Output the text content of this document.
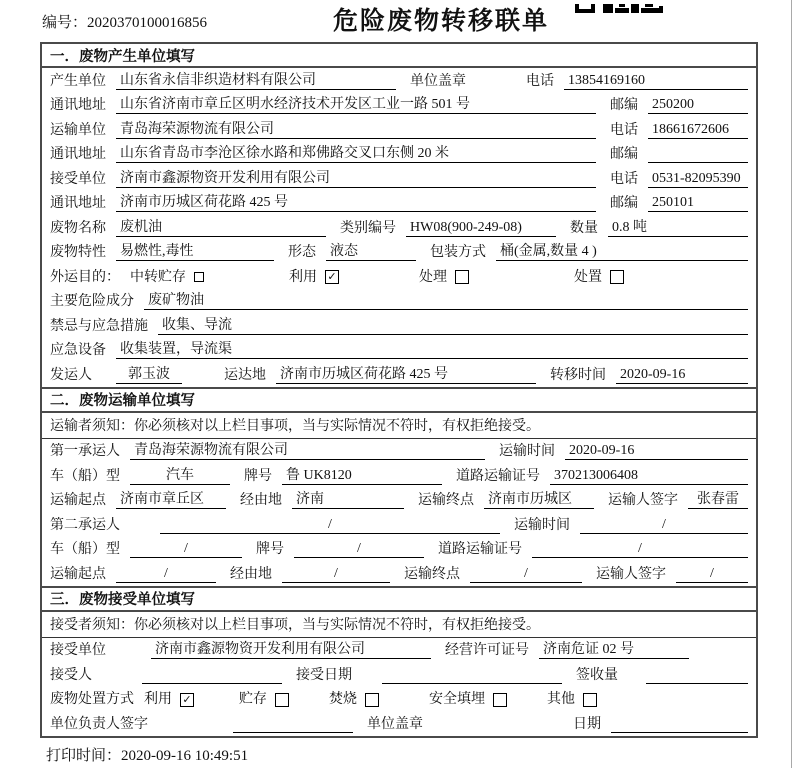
编号：2020370100016856	危险废物转移联单
一．废物产生单位填写
产生单位 山东省永信非织造材料有限公司	单位盖章	电话 13854169160
通讯地址 山东省济南市章丘区明水经济技术开发区工业一路 501 号	邮编 250200
运输单位 青岛海荣源物流有限公司	电话 18661672606
通讯地址 山东省青岛市李沧区徐水路和郑佛路交叉口东侧 20 米	邮编
接受单位 济南市鑫源物资开发利用有限公司	电话 0531-82095390
通讯地址 济南市历城区荷花路 425 号	邮编 250101
废物名称 废机油	类别编号 HW08(900-249-08)	数量 0.8 吨
废物特性 易燃性,毒性	形态 液态	包装方式 桶(金属,数量 4 )
外运目的： 中转贮存	利用 ✓	处理	处置
主要危险成分 废矿物油
禁忌与应急措施 收集、导流
应急设备 收集装置，导流渠
发运人	郭玉波	运达地 济南市历城区荷花路 425 号	转移时间 2020-09-16
二．废物运输单位填写
运输者须知：你必须核对以上栏目事项，当与实际情况不符时，有权拒绝接受。
第一承运人 青岛海荣源物流有限公司	运输时间 2020-09-16
车（船）型	汽车	牌号 鲁 UK8120	道路运输证号 370213006408
运输起点 济南市章丘区	经由地 济南	运输终点 济南市历城区	运输人签字	张春雷
第二承运人	/	运输时间	/
车（船）型	/	牌号	/	道路运输证号	/
运输起点	/	经由地	/	运输终点	/	运输人签字	/
三．废物接受单位填写
接受者须知：你必须核对以上栏目事项，当与实际情况不符时，有权拒绝接受。
接受单位	济南市鑫源物资开发利用有限公司	经营许可证号 济南危证 02 号
接受人	接受日期	签收量
废物处置方式 利用 ✓	贮存	焚烧	安全填埋	其他
单位负责人签字	单位盖章	日期
打印时间：2020-09-16 10:49:51
